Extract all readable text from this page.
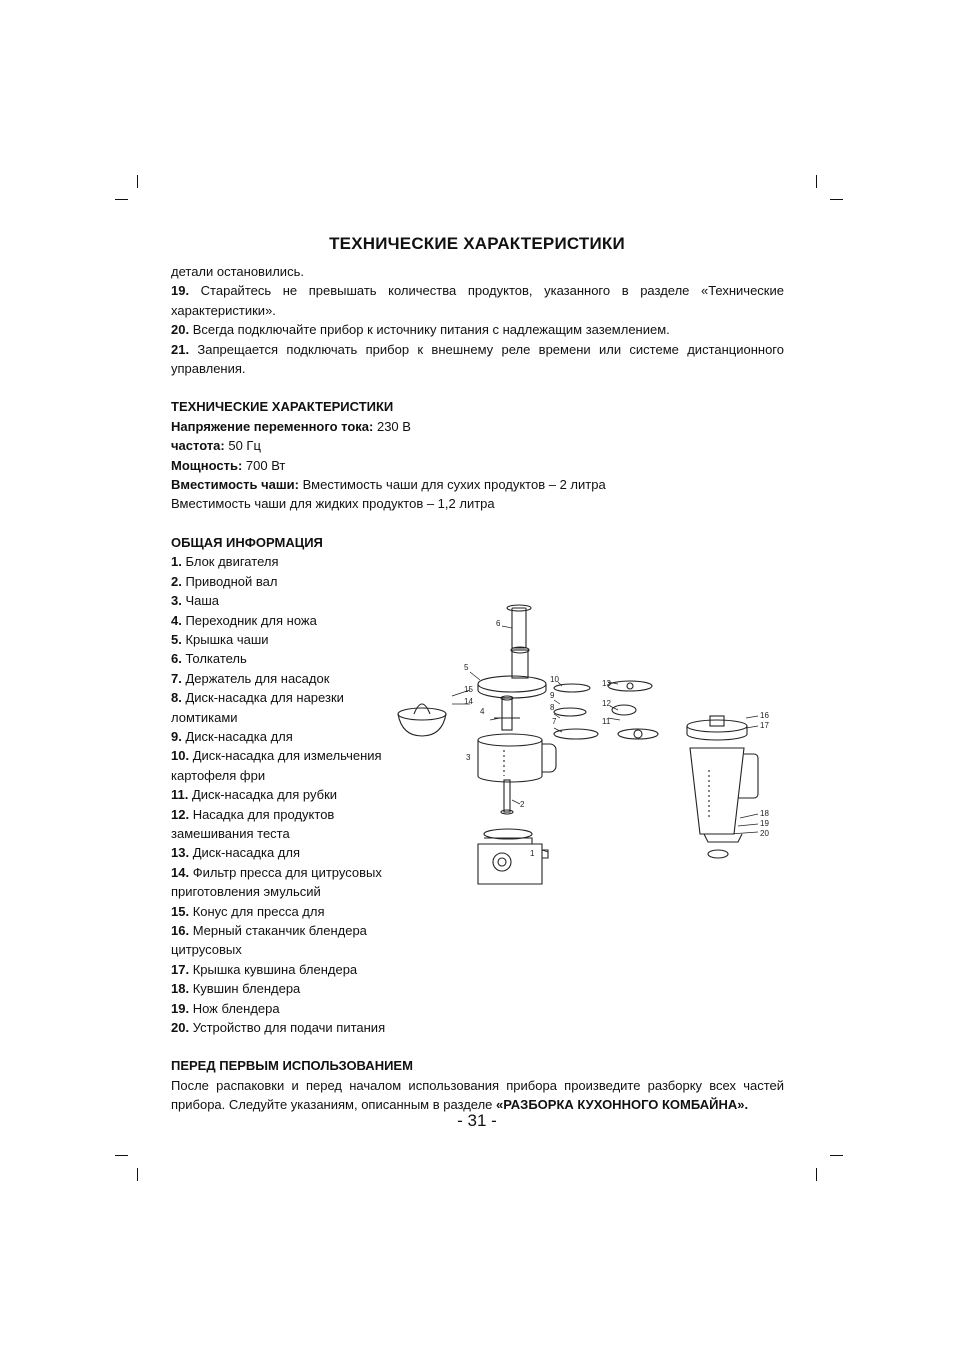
ТЕХНИЧЕСКИЕ ХАРАКТЕРИСТИКИ

детали остановились.

19. Старайтесь не превышать количества продуктов, указанного в разделе «Технические характеристики».

20. Всегда подключайте прибор к источнику питания с надлежащим заземлением.

21. Запрещается подключать прибор к внешнему реле времени или системе дистанционного управления.

ТЕХНИЧЕСКИЕ ХАРАКТЕРИСТИКИ

Напряжение переменного тока: 230 В

частота: 50 Гц

Мощность: 700 Вт

Вместимость чаши: Вместимость чаши для сухих продуктов – 2 литра

Вместимость чаши для жидких продуктов – 1,2 литра

ОБЩАЯ ИНФОРМАЦИЯ

1. Блок двигателя

2. Приводной вал

3. Чаша

4. Переходник для ножа

5. Крышка чаши

6. Толкатель

7. Держатель для насадок

8. Диск-насадка для нарезки ломтиками

9. Диск-насадка для

10. Диск-насадка для измельчения картофеля фри

11. Диск-насадка для рубки

12. Насадка для продуктов замешивания теста

13. Диск-насадка для

14. Фильтр пресса для цитрусовых приготовления эмульсий

15. Конус для пресса для

16. Мерный стаканчик блендера цитрусовых

17. Крышка кувшина блендера

18. Кувшин блендера

19. Нож блендера

20. Устройство для подачи питания

ПЕРЕД ПЕРВЫМ ИСПОЛЬЗОВАНИЕМ

После распаковки и перед началом использования прибора произведите разборку всех частей прибора. Следуйте указаниям, описанным в разделе «РАЗБОРКА КУХОННОГО КОМБАЙНА».

1
2
3
4
5
6
7
8
9
10
11
12
13
14
15
16
17
18
19
20
- 31 -
